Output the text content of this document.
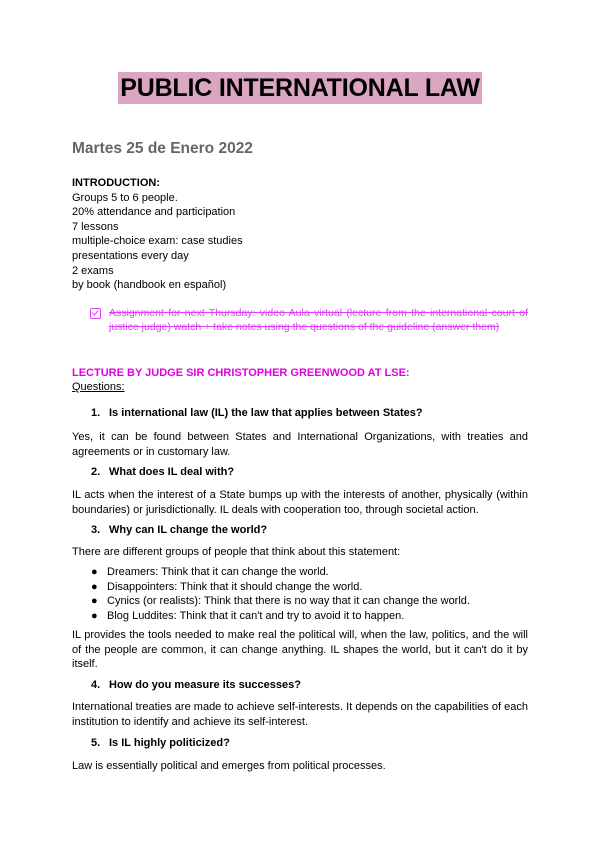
PUBLIC INTERNATIONAL LAW
Martes 25 de Enero 2022
INTRODUCTION:
Groups 5 to 6 people.
20% attendance and participation
7 lessons
multiple-choice exam: case studies
presentations every day
2 exams
by book (handbook en español)
Assignment for next Thursday: video Aula virtual (lecture from the international court of justice judge) watch + take notes using the questions of the guideline (answer them)
LECTURE BY JUDGE SIR CHRISTOPHER GREENWOOD AT LSE:
Questions:
1. Is international law (IL) the law that applies between States?
Yes, it can be found between States and International Organizations, with treaties and agreements or in customary law.
2. What does IL deal with?
IL acts when the interest of a State bumps up with the interests of another, physically (within boundaries) or jurisdictionally. IL deals with cooperation too, through societal action.
3. Why can IL change the world?
There are different groups of people that think about this statement:
● Dreamers: Think that it can change the world.
● Disappointers: Think that it should change the world.
● Cynics (or realists): Think that there is no way that it can change the world.
● Blog Luddites: Think that it can't and try to avoid it to happen.
IL provides the tools needed to make real the political will, when the law, politics, and the will of the people are common, it can change anything. IL shapes the world, but it can't do it by itself.
4. How do you measure its successes?
International treaties are made to achieve self-interests. It depends on the capabilities of each institution to identify and achieve its self-interest.
5. Is IL highly politicized?
Law is essentially political and emerges from political processes.
